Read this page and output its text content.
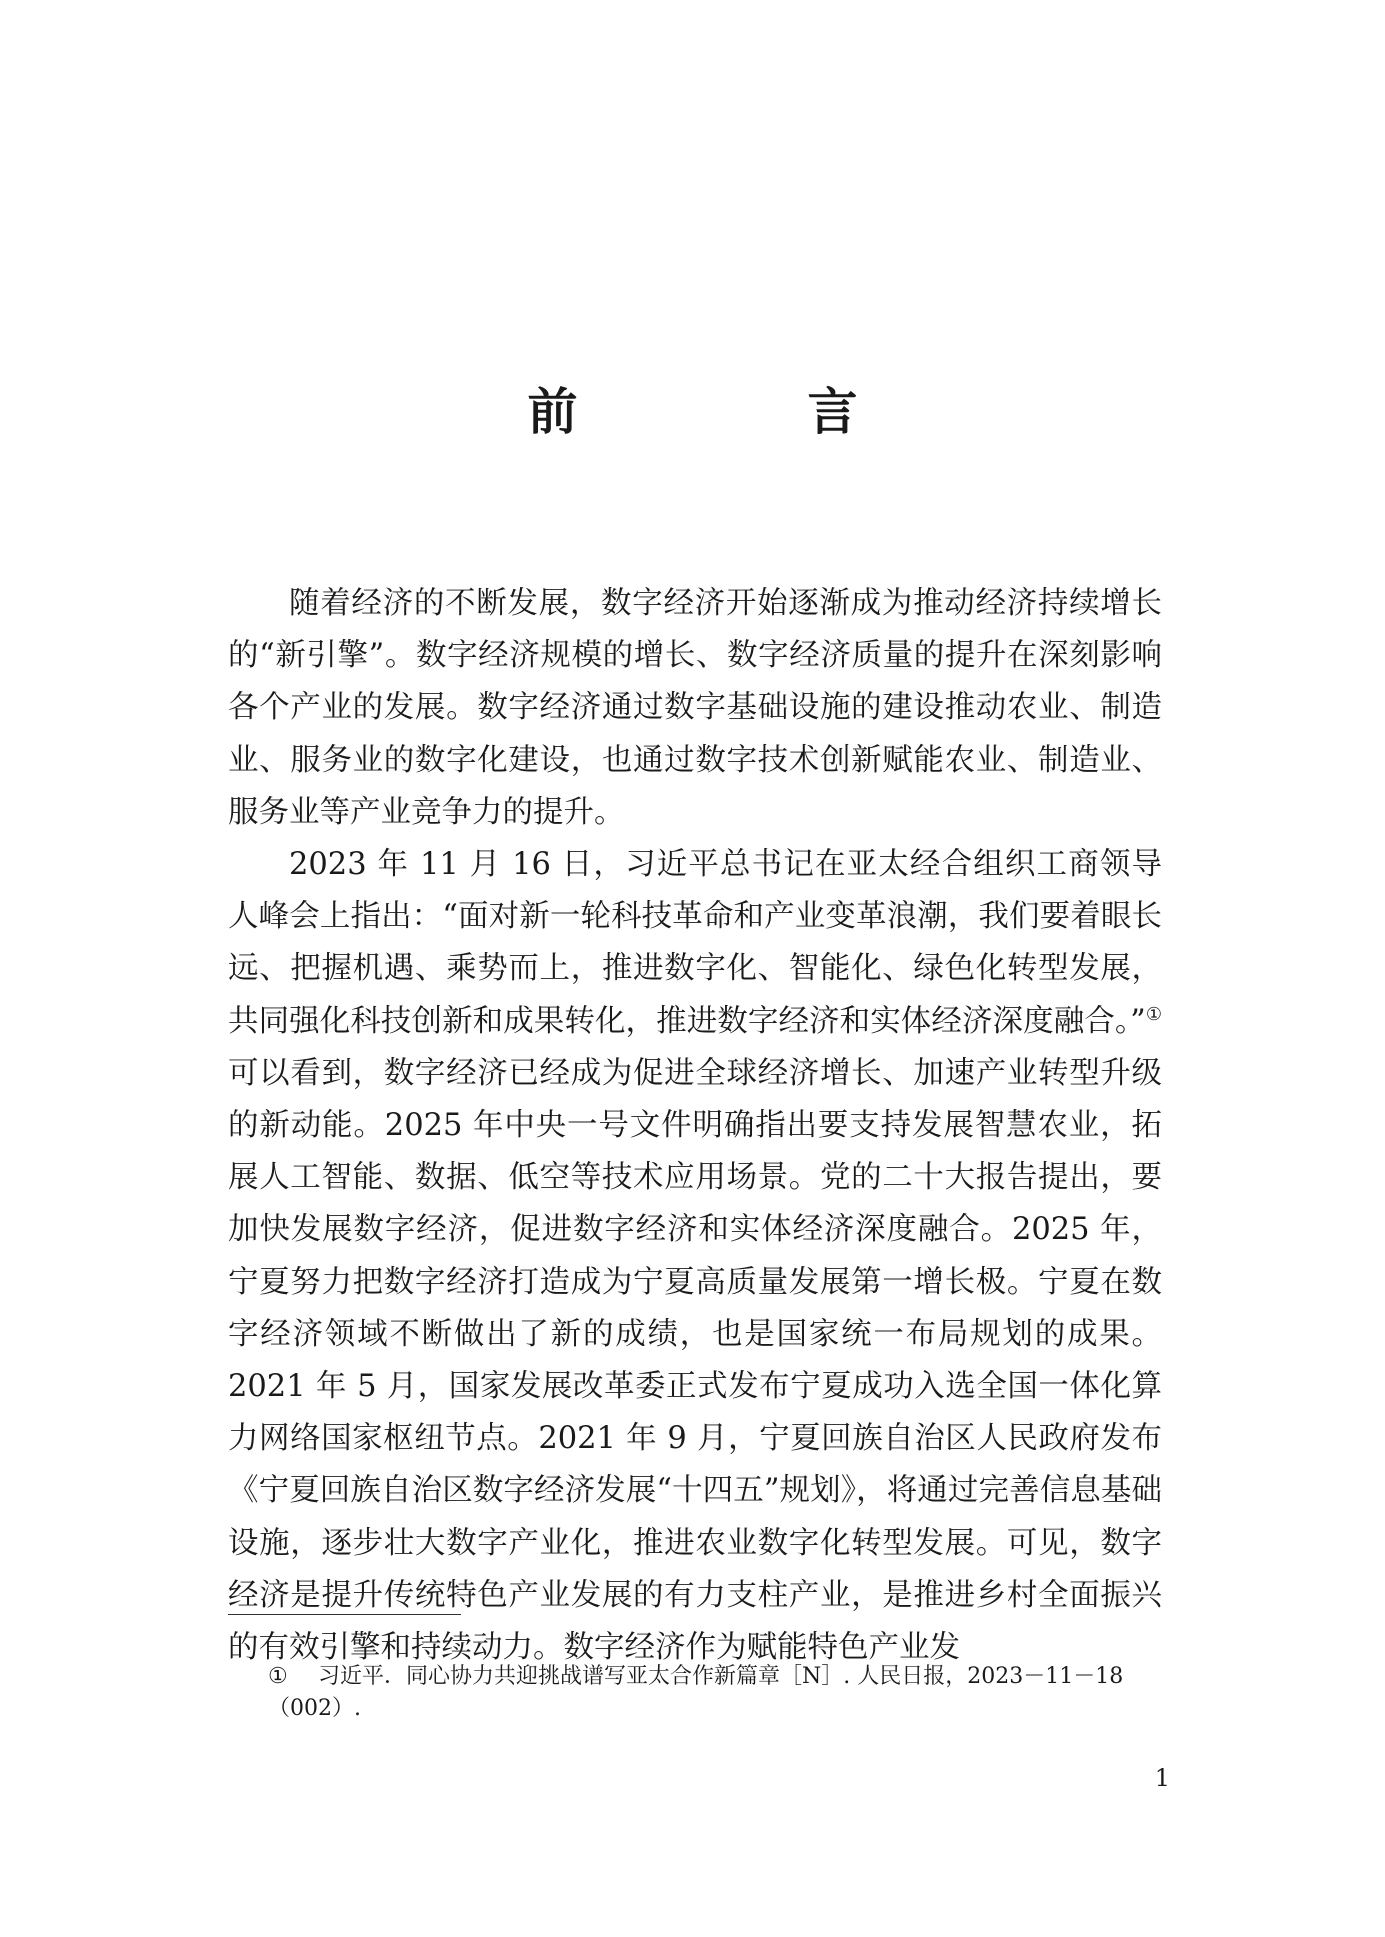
前　言

随着经济的不断发展，数字经济开始逐渐成为推动经济持续增长的“新引擎”。数字经济规模的增长、数字经济质量的提升在深刻影响各个产业的发展。数字经济通过数字基础设施的建设推动农业、制造业、服务业的数字化建设，也通过数字技术创新赋能农业、制造业、服务业等产业竞争力的提升。

2023 年 11 月 16 日，习近平总书记在亚太经合组织工商领导人峰会上指出：“面对新一轮科技革命和产业变革浪潮，我们要着眼长远、把握机遇、乘势而上，推进数字化、智能化、绿色化转型发展，共同强化科技创新和成果转化，推进数字经济和实体经济深度融合。”① 可以看到，数字经济已经成为促进全球经济增长、加速产业转型升级的新动能。2025 年中央一号文件明确指出要支持发展智慧农业，拓展人工智能、数据、低空等技术应用场景。党的二十大报告提出，要加快发展数字经济，促进数字经济和实体经济深度融合。2025 年，宁夏努力把数字经济打造成为宁夏高质量发展第一增长极。宁夏在数字经济领域不断做出了新的成绩，也是国家统一布局规划的成果。2021 年 5 月，国家发展改革委正式发布宁夏成功入选全国一体化算力网络国家枢纽节点。2021 年 9 月，宁夏回族自治区人民政府发布《宁夏回族自治区数字经济发展“十四五”规划》，将通过完善信息基础设施，逐步壮大数字产业化，推进农业数字化转型发展。可见，数字经济是提升传统特色产业发展的有力支柱产业，是推进乡村全面振兴的有效引擎和持续动力。数字经济作为赋能特色产业发

① 习近平．同心协力共迎挑战谱写亚太合作新篇章［N］. 人民日报，2023－11－18（002）.
1
